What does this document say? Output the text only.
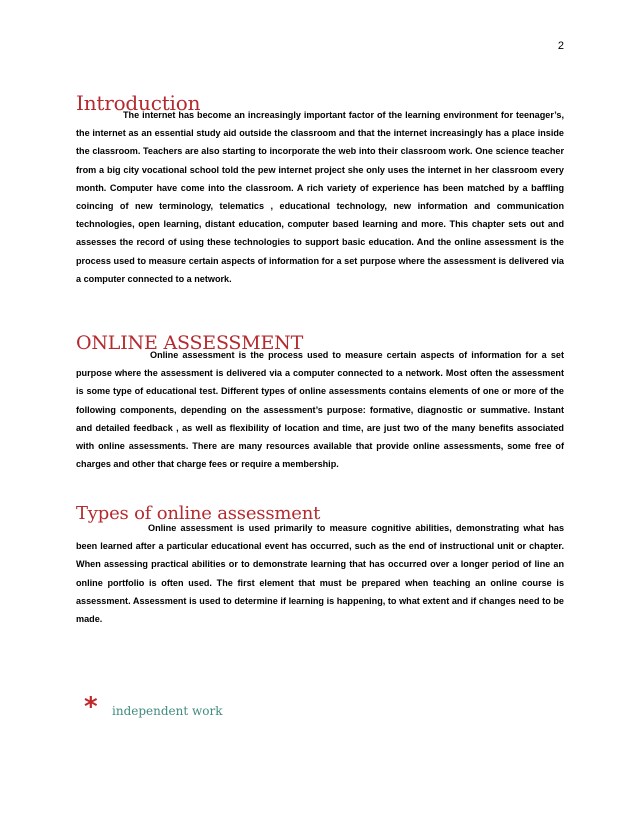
2
Introduction

The internet has become an increasingly important factor of the learning environment for teenager’s, the internet as an essential study aid outside the classroom and that the internet increasingly has a place inside the classroom. Teachers are also starting to incorporate the web into their classroom work. One science teacher from a big city vocational school told the pew internet project she only uses the internet in her classroom every month. Computer have come into the classroom. A rich variety of experience has been matched by a baffling coincing of new terminology, telematics , educational technology, new information and communication technologies, open learning, distant education, computer based learning and more. This chapter sets out and assesses the record of using these technologies to support basic education. And the online assessment is the process used to measure certain aspects of information for a set purpose where the assessment is delivered via a computer connected to a network.

ONLINE ASSESSMENT

Online assessment is the process used to measure certain aspects of information for a set purpose where the assessment is delivered via a computer connected to a network. Most often the assessment is some type of educational test. Different types of online assessments contains elements of one or more of the following components, depending on the assessment’s purpose: formative, diagnostic or summative. Instant and detailed feedback , as well as flexibility of location and time, are just two of the many benefits associated with online assessments. There are many resources available that provide online assessments, some free of charges and other that charge fees or require a membership.

Types of online assessment

Online assessment is used primarily to measure cognitive abilities, demonstrating what has been learned after a particular educational event has occurred, such as the end of instructional unit or chapter. When assessing practical abilities or to demonstrate learning that has occurred over a longer period of line an online portfolio is often used. The first element that must be prepared when teaching an online course is assessment. Assessment is used to determine if learning is happening, to what extent and if changes need to be made.

*	independent work
